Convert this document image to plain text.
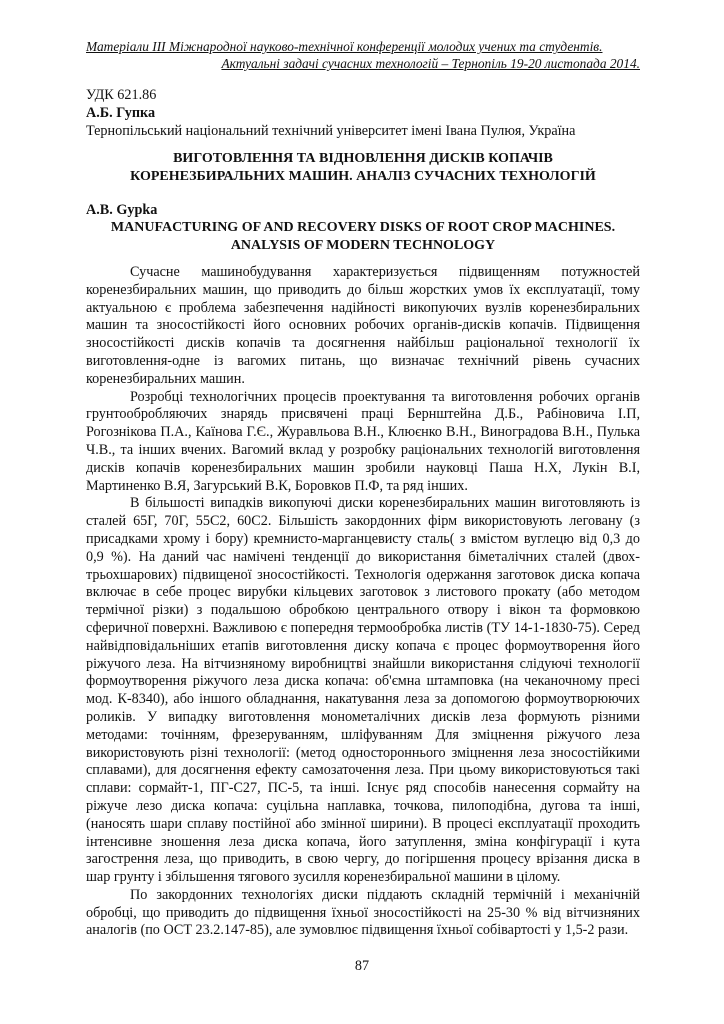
Матеріали ІІІ Міжнародної науково-технічної конференції молодих учених та студентів.
Актуальні задачі сучасних технологій – Тернопіль 19-20 листопада 2014.
УДК 621.86
А.Б. Гупка
Тернопільський національний технічний університет імені Івана Пулюя, Україна
ВИГОТОВЛЕННЯ ТА ВІДНОВЛЕННЯ ДИСКІВ КОПАЧІВ
КОРЕНЕЗБИРАЛЬНИХ МАШИН. АНАЛІЗ СУЧАСНИХ ТЕХНОЛОГІЙ
A.B. Gypka
MANUFACTURING OF AND RECOVERY DISKS OF ROOT CROP MACHINES.
ANALYSIS OF MODERN TECHNOLOGY

Сучасне машинобудування характеризується підвищенням потужностей коренезбиральних машин, що приводить до більш жорстких умов їх експлуатації, тому актуальною є проблема забезпечення надійності викопуючих вузлів коренезбиральних машин та зносостійкості його основних робочих органів-дисків копачів. Підвищення зносостійкості дисків копачів та досягнення найбільш раціональної технології їх виготовлення-одне із вагомих питань, що визначає технічний рівень сучасних коренезбиральних машин.

Розробці технологічних процесів проектування та виготовлення робочих органів грунтообробляючих знарядь присвячені праці Бернштейна Д.Б., Рабіновича І.П, Рогознікова П.А., Каїнова Г.Є., Журавльова В.Н., Клюєнко В.Н., Виноградова В.Н., Пулька Ч.В., та інших вчених. Вагомий вклад у розробку раціональних технологій виготовлення дисків копачів коренезбиральних машин зробили науковці Паша Н.Х, Лукін В.І, Мартиненко В.Я, Загурський В.К, Боровков П.Ф, та ряд інших.

В більшості випадків викопуючі диски коренезбиральних машин виготовляють із сталей 65Г, 70Г, 55С2, 60С2. Більшість закордонних фірм використовують леговану (з присадками хрому і бору) кремнисто-марганцевисту сталь( з вмістом вуглецю від 0,3 до 0,9 %). На даний час намічені тенденції до використання біметалічних сталей (двох-трьохшарових) підвищеної зносостійкості. Технологія одержання заготовок диска копача включає в себе процес вирубки кільцевих заготовок з листового прокату (або методом термічної різки) з подальшою обробкою центрального отвору і вікон та формовкою сферичної поверхні. Важливою є попередня термообробка листів (ТУ 14-1-1830-75). Серед найвідповідальніших етапів виготовлення диску копача є процес формоутворення його ріжучого леза. На вітчизняному виробництві знайшли використання слідуючі технології формоутворення ріжучого леза диска копача: об'ємна штамповка (на чеканочному пресі мод. К-8340), або іншого обладнання, накатування леза за допомогою формоутворюючих роликів. У випадку виготовлення монометалічних дисків леза формують різними методами: точінням, фрезеруванням, шліфуванням Для зміцнення ріжучого леза використовують різні технології: (метод одностороннього зміцнення леза зносостійкими сплавами), для досягнення ефекту самозаточення леза. При цьому використовуються такі сплави: сормайт-1, ПГ-С27, ПС-5, та інші. Існує ряд способів нанесення сормайту на ріжуче лезо диска копача: суцільна наплавка, точкова, пилоподібна, дугова та інші, (наносять шари сплаву постійної або змінної ширини). В процесі експлуатації проходить інтенсивне зношення леза диска копача, його затуплення, зміна конфігурації і кута загострення леза, що приводить, в свою чергу, до погіршення процесу врізання диска в шар грунту і збільшення тягового зусилля коренезбиральної машини в цілому.

По закордонних технологіях диски піддають складній термічній і механічній обробці, що приводить до підвищення їхньої зносостійкості на 25-30 % від вітчизняних аналогів (по ОСТ 23.2.147-85), але зумовлює підвищення їхньої собівартості у 1,5-2 рази.

87
